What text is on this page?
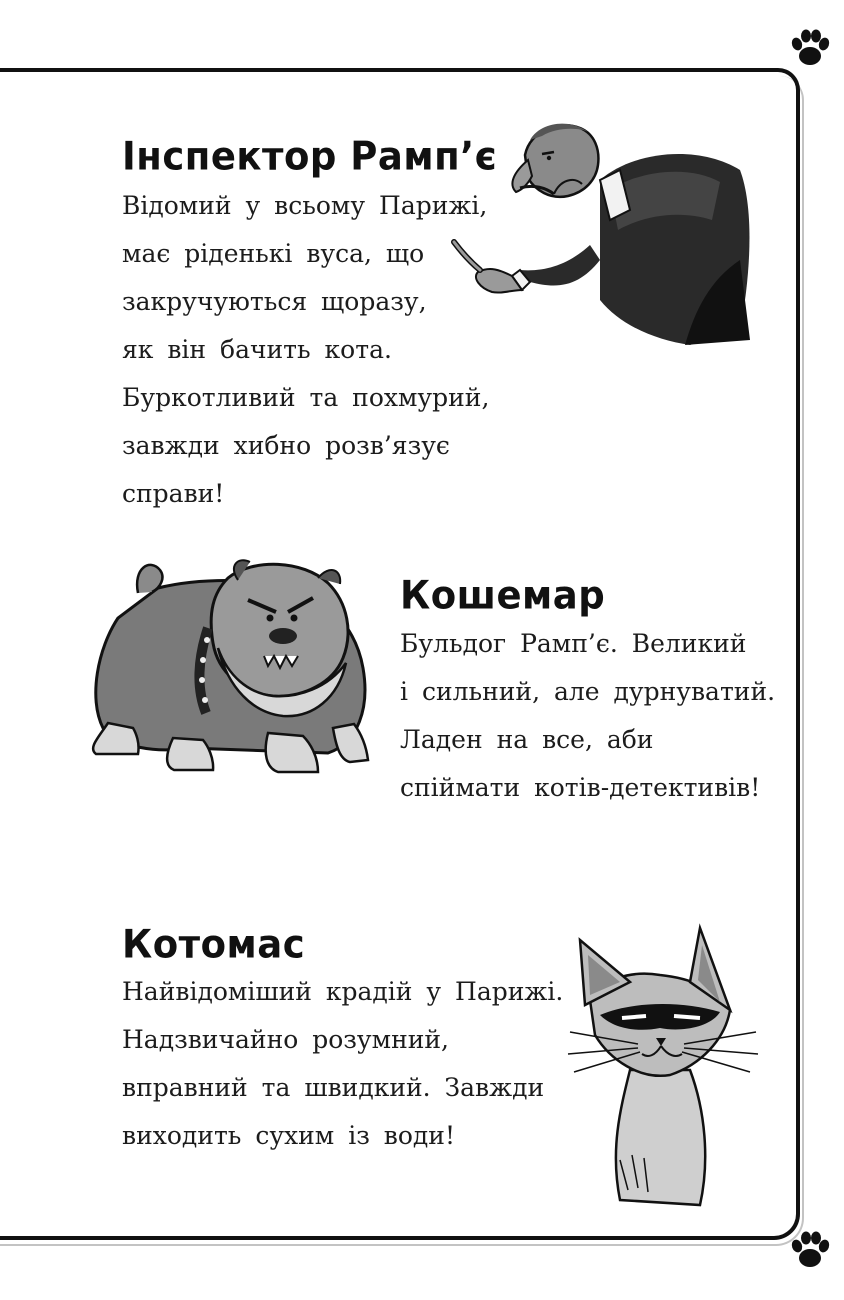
Інспектор Рамп’є
Відомий у всьому Парижі,
має ріденькі вуса, що
закручуються щоразу,
як він бачить кота.
Буркотливий та похмурий,
завжди хибно розв’язує
справи!
Кошемар
Бульдог Рамп’є. Великий
і сильний, але дурнуватий.
Ладен на все, аби
спіймати котів-детективів!
Котомас
Найвідоміший крадій у Парижі.
Надзвичайно розумний,
вправний та швидкий. Завжди
виходить сухим із води!
